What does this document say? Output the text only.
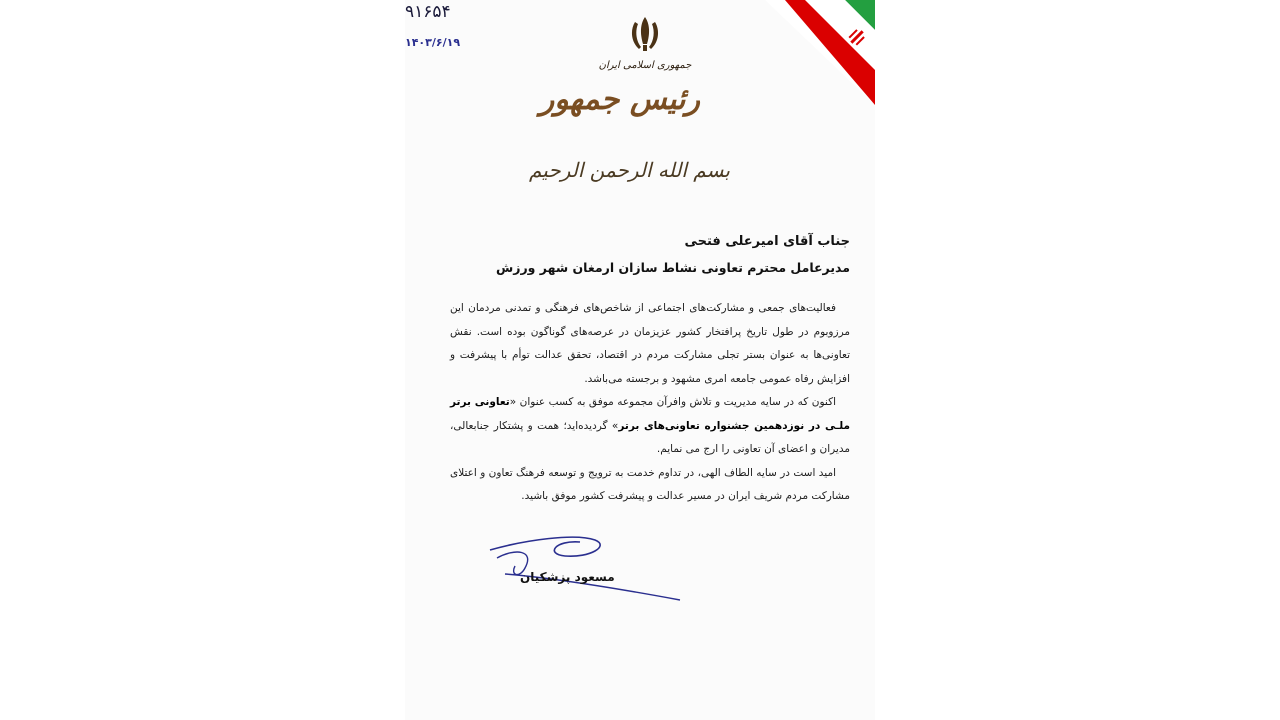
۹۱۶۵۴
۱۴۰۳/۶/۱۹
جمهوری اسلامی ایران
رئیس جمهور
بسم الله الرحمن الرحیم
جناب آقای امیرعلی فتحی
مدیرعامل محترم تعاونی نشاط سازان ارمغان شهر ورزش

فعالیت‌های جمعی و مشارکت‌های اجتماعی از شاخص‌های فرهنگی و تمدنی مردمان این مرزوبوم در طول تاریخ پرافتخار کشور عزیزمان در عرصه‌های گوناگون بوده است. نقش تعاونی‌ها به عنوان بستر تجلی مشارکت مردم در اقتصاد، تحقق عدالت توأم با پیشرفت و افزایش رفاه عمومی جامعه امری مشهود و برجسته می‌باشد.

اکنون که در سایه مدیریت و تلاش وافرآن مجموعه موفق به کسب عنوان «تعاونی برتر ملـی در نوزدهمین جشنواره تعاونی‌های برتر» گردیده‌اید؛ همت و پشتکار جنابعالی، مدیران و اعضای آن تعاونی را ارج می نمایم.

امید است در سایه الطاف الهی، در تداوم خدمت به ترویج و توسعه فرهنگ تعاون و اعتلای مشارکت مردم شریف ایران در مسیر عدالت و پیشرفت کشور موفق باشید.

مسعود پزشکیان
